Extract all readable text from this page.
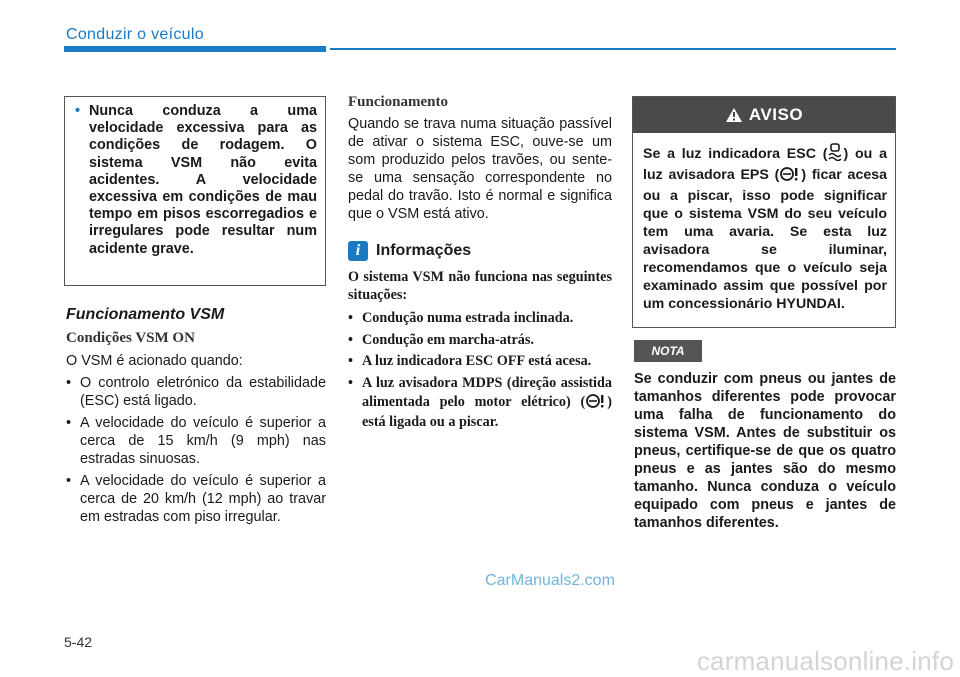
Conduzir o veículo
• Nunca conduza a uma velocidade excessiva para as condições de rodagem. O sistema VSM não evita acidentes. A velocidade excessiva em condições de mau tempo em pisos escorregadios e irregulares pode resultar num acidente grave.
Funcionamento VSM
Condições VSM ON

O VSM é acionado quando:

• O controlo eletrónico da estabilidade (ESC) está ligado.
• A velocidade do veículo é superior a cerca de 15 km/h (9 mph) nas estradas sinuosas.
• A velocidade do veículo é superior a cerca de 20 km/h (12 mph) ao travar em estradas com piso irregular.
Funcionamento

Quando se trava numa situação passível de ativar o sistema ESC, ouve-se um som produzido pelos travões, ou sente-se uma sensação correspondente no pedal do travão. Isto é normal e significa que o VSM está ativo.

i Informações

O sistema VSM não funciona nas seguintes situações:

• Condução numa estrada inclinada.
• Condução em marcha-atrás.
• A luz indicadora ESC OFF está acesa.
• A luz avisadora MDPS (direção assistida alimentada pelo motor elétrico) ( ) está ligada ou a piscar.
AVISO
Se a luz indicadora ESC ( ) ou a luz avisadora EPS ( ) ficar acesa ou a piscar, isso pode significar que o sistema VSM do seu veículo tem uma avaria. Se esta luz avisadora se iluminar, recomendamos que o veículo seja examinado assim que possível por um concessionário HYUNDAI.
NOTA
Se conduzir com pneus ou jantes de tamanhos diferentes pode provocar uma falha de funcionamento do sistema VSM. Antes de substituir os pneus, certifique-se de que os quatro pneus e as jantes são do mesmo tamanho. Nunca conduza o veículo equipado com pneus e jantes de tamanhos diferentes.
CarManuals2.com
5-42
carmanualsonline.info
